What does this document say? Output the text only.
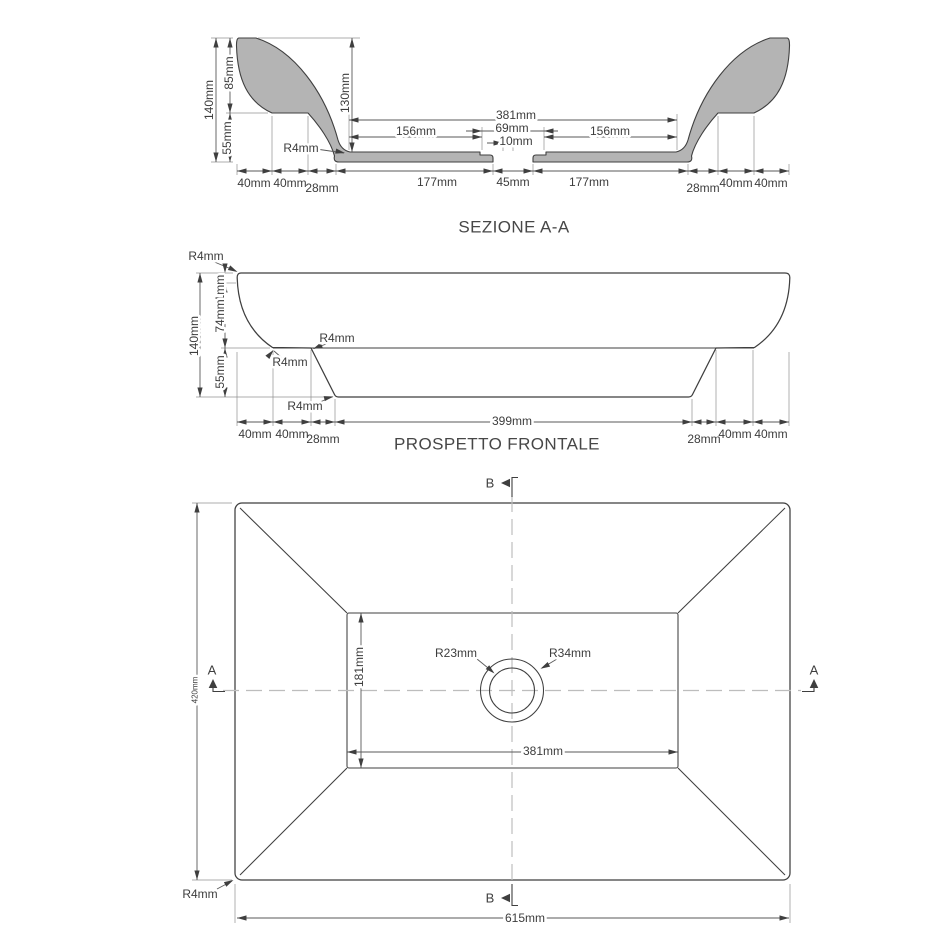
140mm
85mm
55mm
130mm
381mm
69mm
10mm
156mm	156mm
177mm	45mm	177mm
40mm 40mm
28mm	28mm 40mm 40mm
R4mm
SEZIONE A-A
140mm
11mm
74mm
55mm
R4mm
R4mm
R4mm
R4mm
399mm
40mm 40mm
28mm	28mm
40mm 40mm
PROSPETTO FRONTALE
A	A
B
B
420mm
615mm
181mm
381mm
R23mm	R34mm
R4mm
